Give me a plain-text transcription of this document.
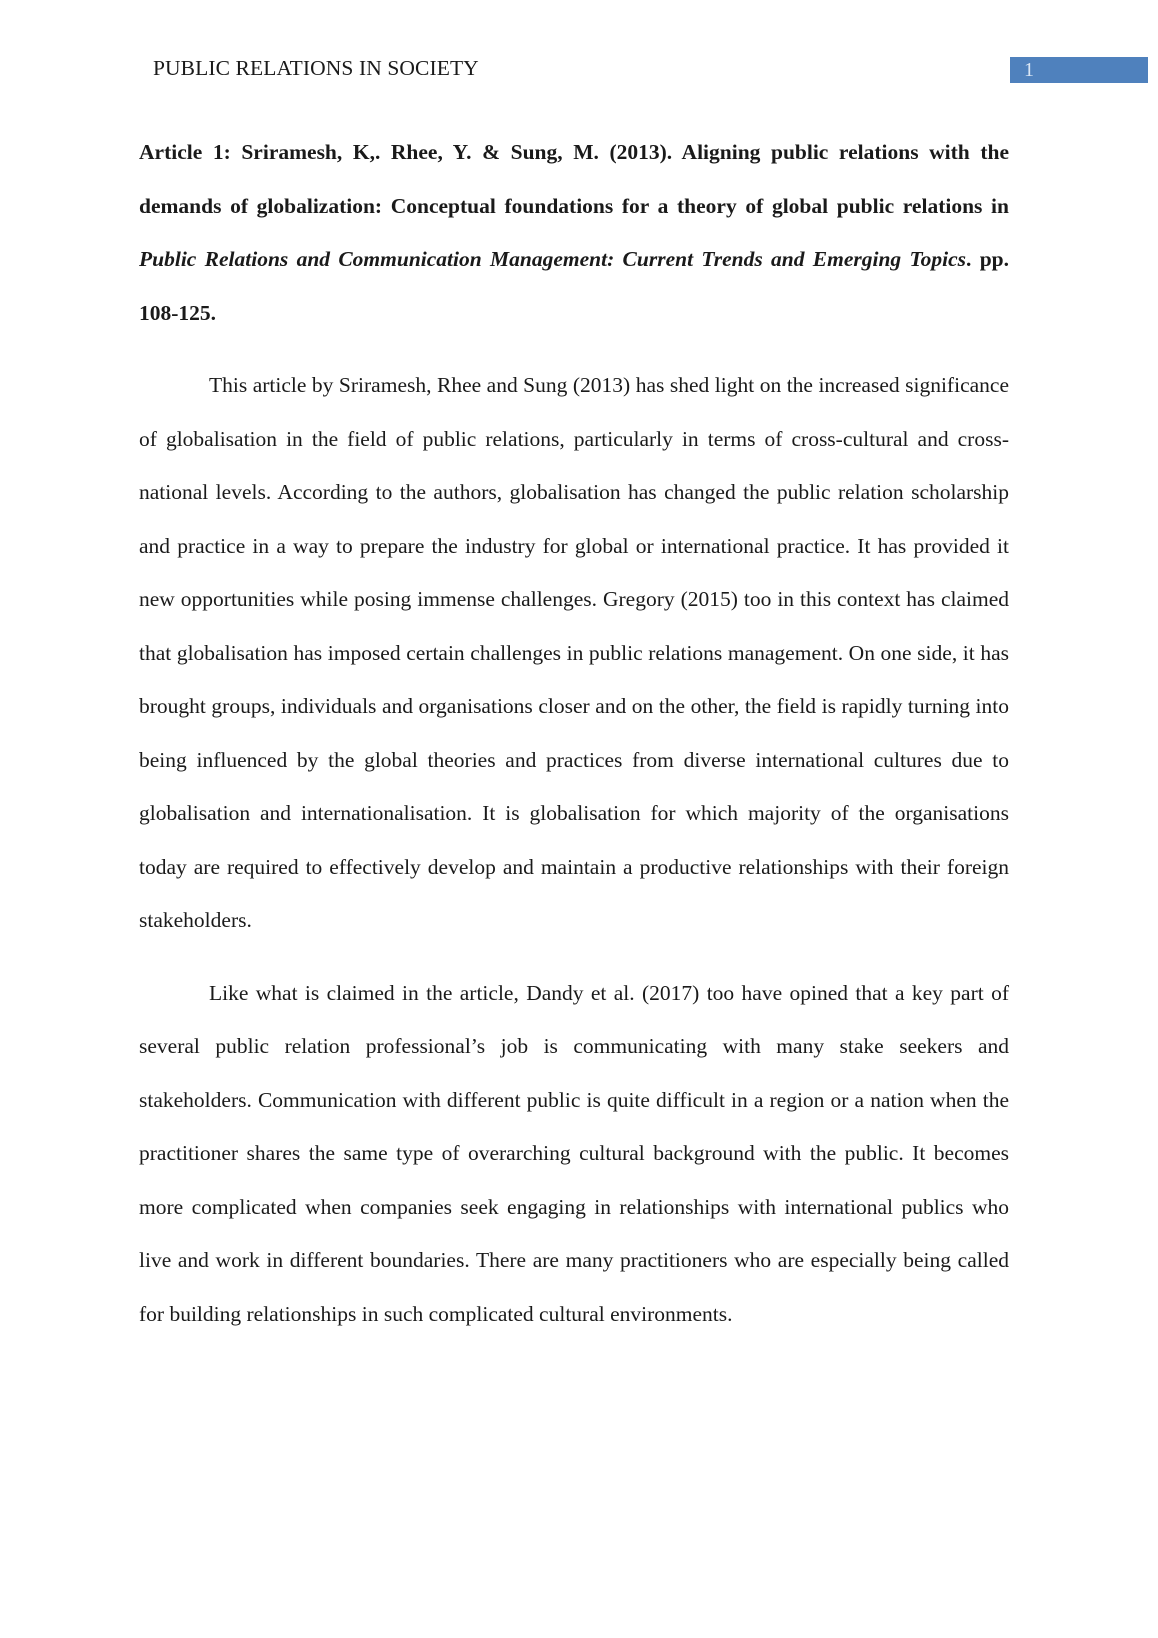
PUBLIC RELATIONS IN SOCIETY	1

Article 1: Sriramesh, K,. Rhee, Y. & Sung, M. (2013). Aligning public relations with the demands of globalization: Conceptual foundations for a theory of global public relations in Public Relations and Communication Management: Current Trends and Emerging Topics. pp. 108-125.

This article by Sriramesh, Rhee and Sung (2013) has shed light on the increased significance of globalisation in the field of public relations, particularly in terms of cross-cultural and cross-national levels. According to the authors, globalisation has changed the public relation scholarship and practice in a way to prepare the industry for global or international practice. It has provided it new opportunities while posing immense challenges. Gregory (2015) too in this context has claimed that globalisation has imposed certain challenges in public relations management. On one side, it has brought groups, individuals and organisations closer and on the other, the field is rapidly turning into being influenced by the global theories and practices from diverse international cultures due to globalisation and internationalisation. It is globalisation for which majority of the organisations today are required to effectively develop and maintain a productive relationships with their foreign stakeholders.

Like what is claimed in the article, Dandy et al. (2017) too have opined that a key part of several public relation professional’s job is communicating with many stake seekers and stakeholders. Communication with different public is quite difficult in a region or a nation when the practitioner shares the same type of overarching cultural background with the public. It becomes more complicated when companies seek engaging in relationships with international publics who live and work in different boundaries. There are many practitioners who are especially being called for building relationships in such complicated cultural environments.
